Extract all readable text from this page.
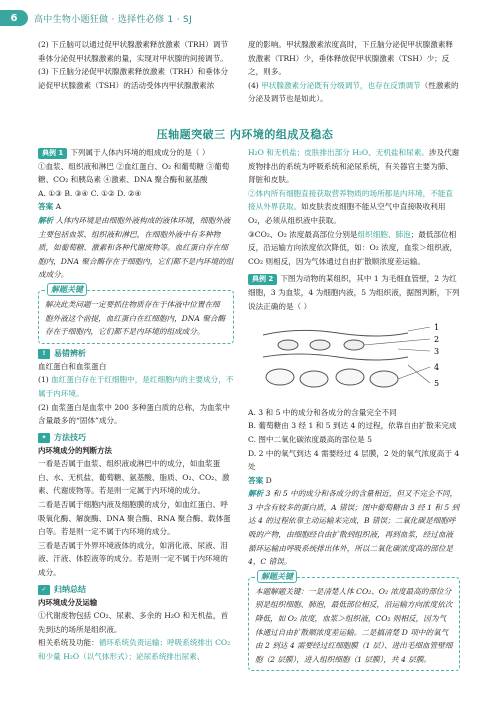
6	高中生物小题狂做 · 选择性必修 1 · SJ

(2) 下丘脑可以通过促甲状腺激素释放激素（TRH）调节垂体分泌促甲状腺激素的量，实现对甲状腺的间接调节。

(3) 下丘脑分泌促甲状腺激素释放激素（TRH）和垂体分泌促甲状腺激素（TSH）的活动受体内甲状腺激素浓

度的影响。甲状腺激素浓度高时，下丘脑分泌促甲状腺激素释放激素（TRH）少，垂体释放促甲状腺激素（TSH）少；反之，则多。

(4) 甲状腺激素分泌既有分级调节，也存在反馈调节（性激素的分泌及调节也是如此）。

压轴题突破三 内环境的组成及稳态

典例 1 下列属于人体内环境的组成成分的是（ ）

①血浆、组织液和淋巴 ②血红蛋白、O₂ 和葡萄糖 ③葡萄糖、CO₂ 和胰岛素 ④激素、DNA 聚合酶和氨基酸

A. ①③ B. ③④ C. ①② D. ②④

答案 A

解析 人体内环境是由细胞外液构成的液体环境，细胞外液主要包括血浆、组织液和淋巴，在细胞外液中有多种物质，如葡萄糖、激素和各种代谢废物等。血红蛋白存在细胞内，DNA 聚合酶存在于细胞内，它们都不是内环境的组成成分。

解题关键

解决此类问题一定要抓住物质存在于体液中位置在细胞外液这个前提，血红蛋白在红细胞内，DNA 聚合酶存在于细胞内，它们都不是内环境的组成成分。

!	易错辨析

血红蛋白和血浆蛋白

(1) 血红蛋白存在于红细胞中，是红细胞内的主要成分，不属于内环境。

(2) 血浆蛋白是血浆中 200 多种蛋白质的总称，为血浆中含量最多的“固体”成分。

✦ 方法技巧

内环境成分的判断方法

一看是否属于血浆、组织液或淋巴中的成分，如血浆蛋白、水、无机盐、葡萄糖、氨基酸、脂质、O₂、CO₂、激素、代谢废物等。若是则一定属于内环境的成分。

二看是否属于细胞内液及细胞膜的成分，如血红蛋白、呼吸氧化酶、解旋酶、DNA 聚合酶、RNA 聚合酶、载体蛋白等。若是则一定不属于内环境的成分。

三看是否属于外界环境液体的成分，如消化液、尿液、泪液、汗液、体腔液等的成分。若是则一定不属于内环境的成分。

✓ 归纳总结

内环境成分及运输

①代谢废物包括 CO₂、尿素、多余的 H₂O 和无机盐，首先到达的场所是组织液。

相关系统及功能：循环系统负责运输；呼吸系统排出 CO₂ 和少量 H₂O（以气体形式）；泌尿系统排出尿素、

H₂O 和无机盐；皮肤排出部分 H₂O、无机盐和尿素。涉及代谢废物排出的系统为呼吸系统和泌尿系统，有关器官主要为肺、肾脏和皮肤。

②体内所有细胞直接获取营养物质的场所都是内环境，不能直接从外界获取。如皮肤表皮细胞不能从空气中直接吸收利用 O₂，必须从组织液中获取。

③CO₂、O₂ 浓度最高部位分别是组织细胞、肺泡；最低部位相反，沿运输方向浓度依次降低，如：O₂ 浓度，血浆＞组织液，CO₂ 则相反，因为气体通过自由扩散顺浓度差运输。

典例 2 下图为动物的某组织，其中 1 为毛细血管壁，2 为红细胞，3 为血浆，4 为细胞内液，5 为组织液，据图判断，下列说法正确的是（ ）

1
2
3
4
5

A. 3 和 5 中的成分和各成分的含量完全不同

B. 葡萄糖由 3 经 1 和 5 到达 4 的过程，依靠自由扩散来完成

C. 图中二氧化碳浓度最高的部位是 5

D. 2 中的氧气到达 4 需要经过 4 层膜，2 处的氧气浓度高于 4 处

答案 D

解析 3 和 5 中的成分和各成分的含量相近，但又不完全不同，3 中含有较多的蛋白质，A 错误；图中葡萄糖由 3 经 1 和 5 到达 4 的过程依靠主动运输来完成，B 错误；二氧化碳是细胞呼吸的产物，由细胞经自由扩散到组织液，再到血浆，经过血液循环运输由呼吸系统排出体外，所以二氧化碳浓度高的部位是 4，C 错误。

解题关键

本题解题关键：一是清楚人体 CO₂、O₂ 浓度最高的部位分别是组织细胞、肺泡，最低部位相反，沿运输方向浓度依次降低，如 O₂ 浓度，血浆＞组织液，CO₂ 则相反，因为气体通过自由扩散顺浓度差运输。二是搞清楚 D 项中的氧气由 2 到达 4 需要经过红细胞膜（1 层）、进出毛细血管壁细胞（2 层膜），进入组织细胞（1 层膜），共 4 层膜。
